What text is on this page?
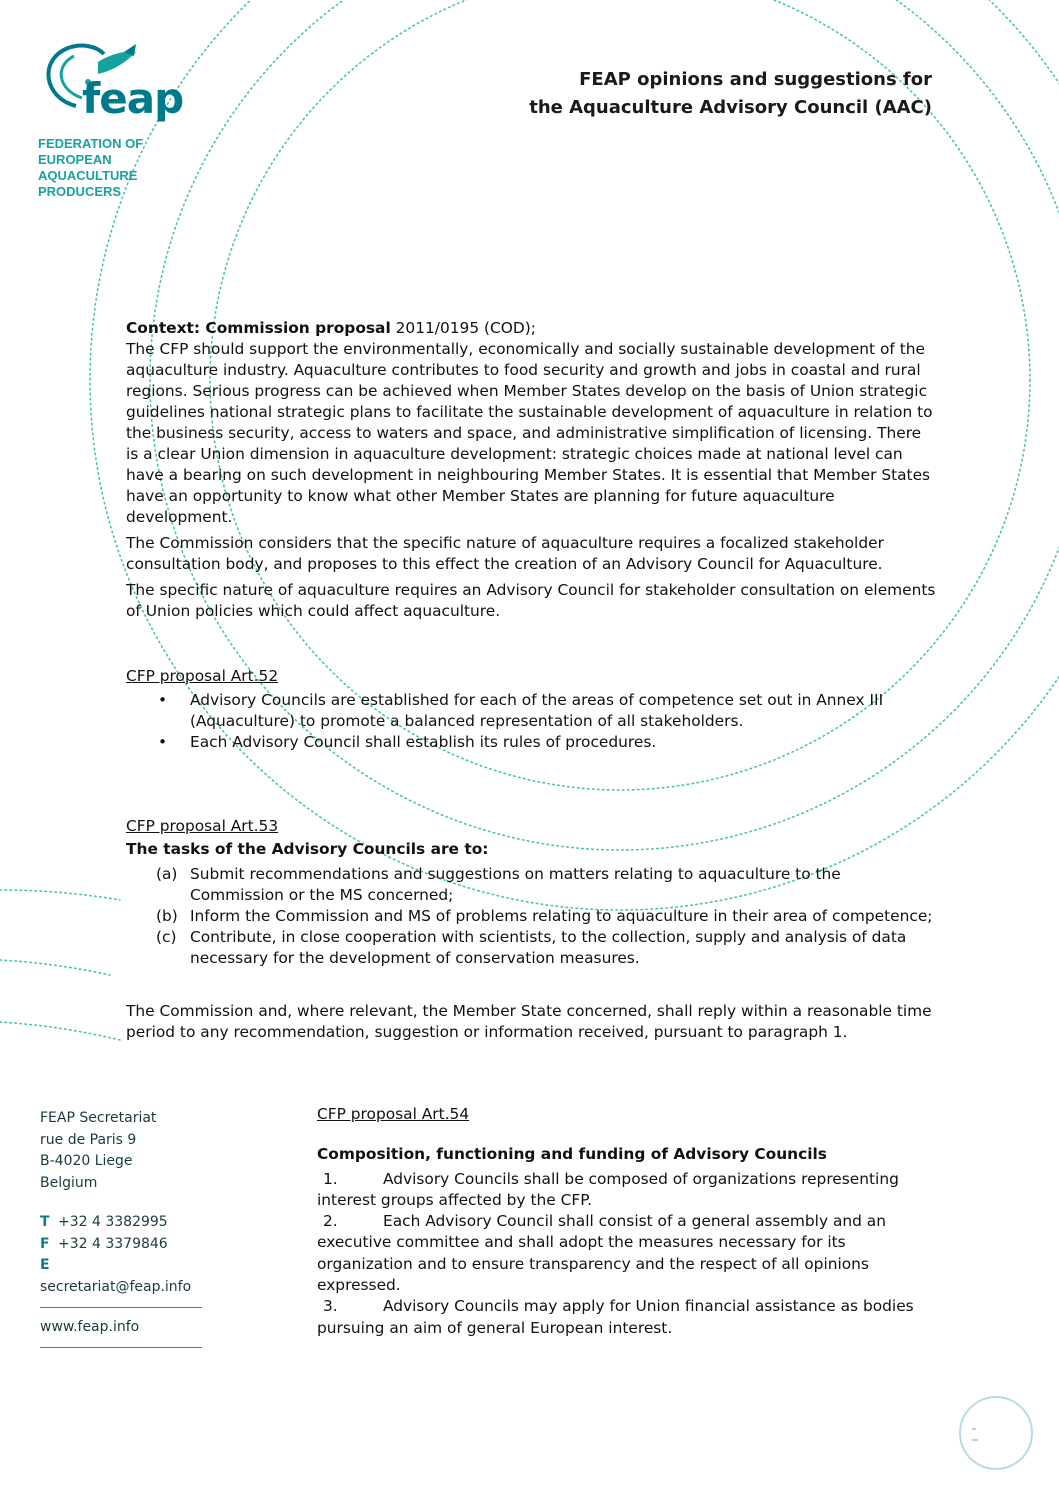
feap
FEDERATION OF
EUROPEAN
AQUACULTURE
PRODUCERS
FEAP opinions and suggestions for
the Aquaculture Advisory Council (AAC)

Context: Commission proposal 2011/0195 (COD);

The CFP should support the environmentally, economically and socially sustainable development of the aquaculture industry. Aquaculture contributes to food security and growth and jobs in coastal and rural regions. Serious progress can be achieved when Member States develop on the basis of Union strategic guidelines national strategic plans to facilitate the sustainable development of aquaculture in relation to the business security, access to waters and space, and administrative simplification of licensing. There is a clear Union dimension in aquaculture development: strategic choices made at national level can have a bearing on such development in neighbouring Member States. It is essential that Member States have an opportunity to know what other Member States are planning for future aquaculture development.

The Commission considers that the specific nature of aquaculture requires a focalized stakeholder consultation body, and proposes to this effect the creation of an Advisory Council for Aquaculture.

The specific nature of aquaculture requires an Advisory Council for stakeholder consultation on elements of Union policies which could affect aquaculture.

CFP proposal Art.52

• Advisory Councils are established for each of the areas of competence set out in Annex III (Aquaculture) to promote a balanced representation of all stakeholders.
• Each Advisory Council shall establish its rules of procedures.

CFP proposal Art.53

The tasks of the Advisory Councils are to:

(a) Submit recommendations and suggestions on matters relating to aquaculture to the Commission or the MS concerned;
(b) Inform the Commission and MS of problems relating to aquaculture in their area of competence;
(c) Contribute, in close cooperation with scientists, to the collection, supply and analysis of data necessary for the development of conservation measures.

The Commission and, where relevant, the Member State concerned, shall reply within a reasonable time period to any recommendation, suggestion or information received, pursuant to paragraph 1.

FEAP Secretariat
rue de Paris 9
B-4020 Liege
Belgium
T +32 4 3382995
F +32 4 3379846
Esecretariat@feap.info
www.feap.info

CFP proposal Art.54

Composition, functioning and funding of Advisory Councils

1.	Advisory Councils shall be composed of organizations representing interest groups affected by the CFP.

2.	Each Advisory Council shall consist of a general assembly and an executive committee and shall adopt the measures necessary for its organization and to ensure transparency and the respect of all opinions expressed.

3.	Advisory Councils may apply for Union financial assistance as bodies pursuing an aim of general European interest.
